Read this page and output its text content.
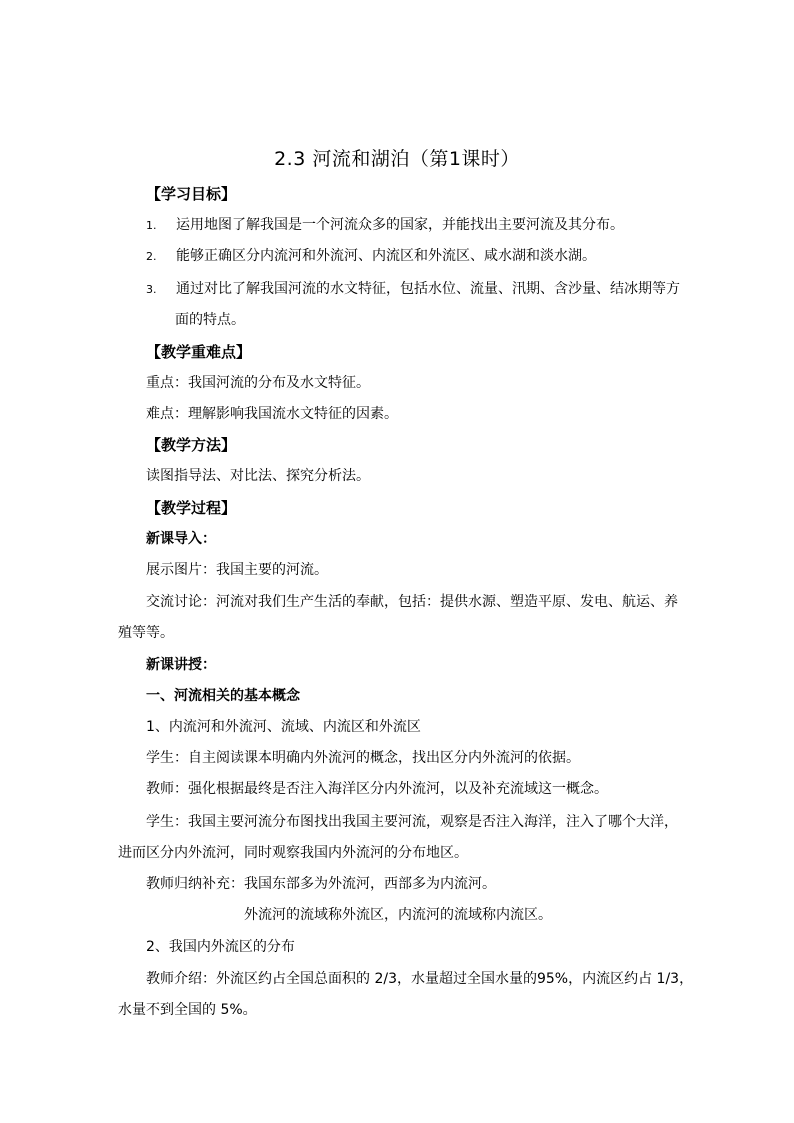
2.3 河流和湖泊（第1课时）
【学习目标】
1. 运用地图了解我国是一个河流众多的国家，并能找出主要河流及其分布。
2. 能够正确区分内流河和外流河、内流区和外流区、咸水湖和淡水湖。
3. 通过对比了解我国河流的水文特征，包括水位、流量、汛期、含沙量、结冰期等方
面的特点。
【教学重难点】
重点：我国河流的分布及水文特征。
难点：理解影响我国流水文特征的因素。
【教学方法】
读图指导法、对比法、探究分析法。
【教学过程】
新课导入：
展示图片：我国主要的河流。
交流讨论：河流对我们生产生活的奉献，包括：提供水源、塑造平原、发电、航运、养
殖等等。
新课讲授：
一、河流相关的基本概念
1、内流河和外流河、流域、内流区和外流区
学生：自主阅读课本明确内外流河的概念，找出区分内外流河的依据。
教师：强化根据最终是否注入海洋区分内外流河，以及补充流域这一概念。
学生：我国主要河流分布图找出我国主要河流，观察是否注入海洋，注入了哪个大洋，
进而区分内外流河，同时观察我国内外流河的分布地区。
教师归纳补充：我国东部多为外流河，西部多为内流河。
外流河的流域称外流区，内流河的流域称内流区。
2、我国内外流区的分布
教师介绍：外流区约占全国总面积的 2/3，水量超过全国水量的95%，内流区约占 1/3，
水量不到全国的 5%。
